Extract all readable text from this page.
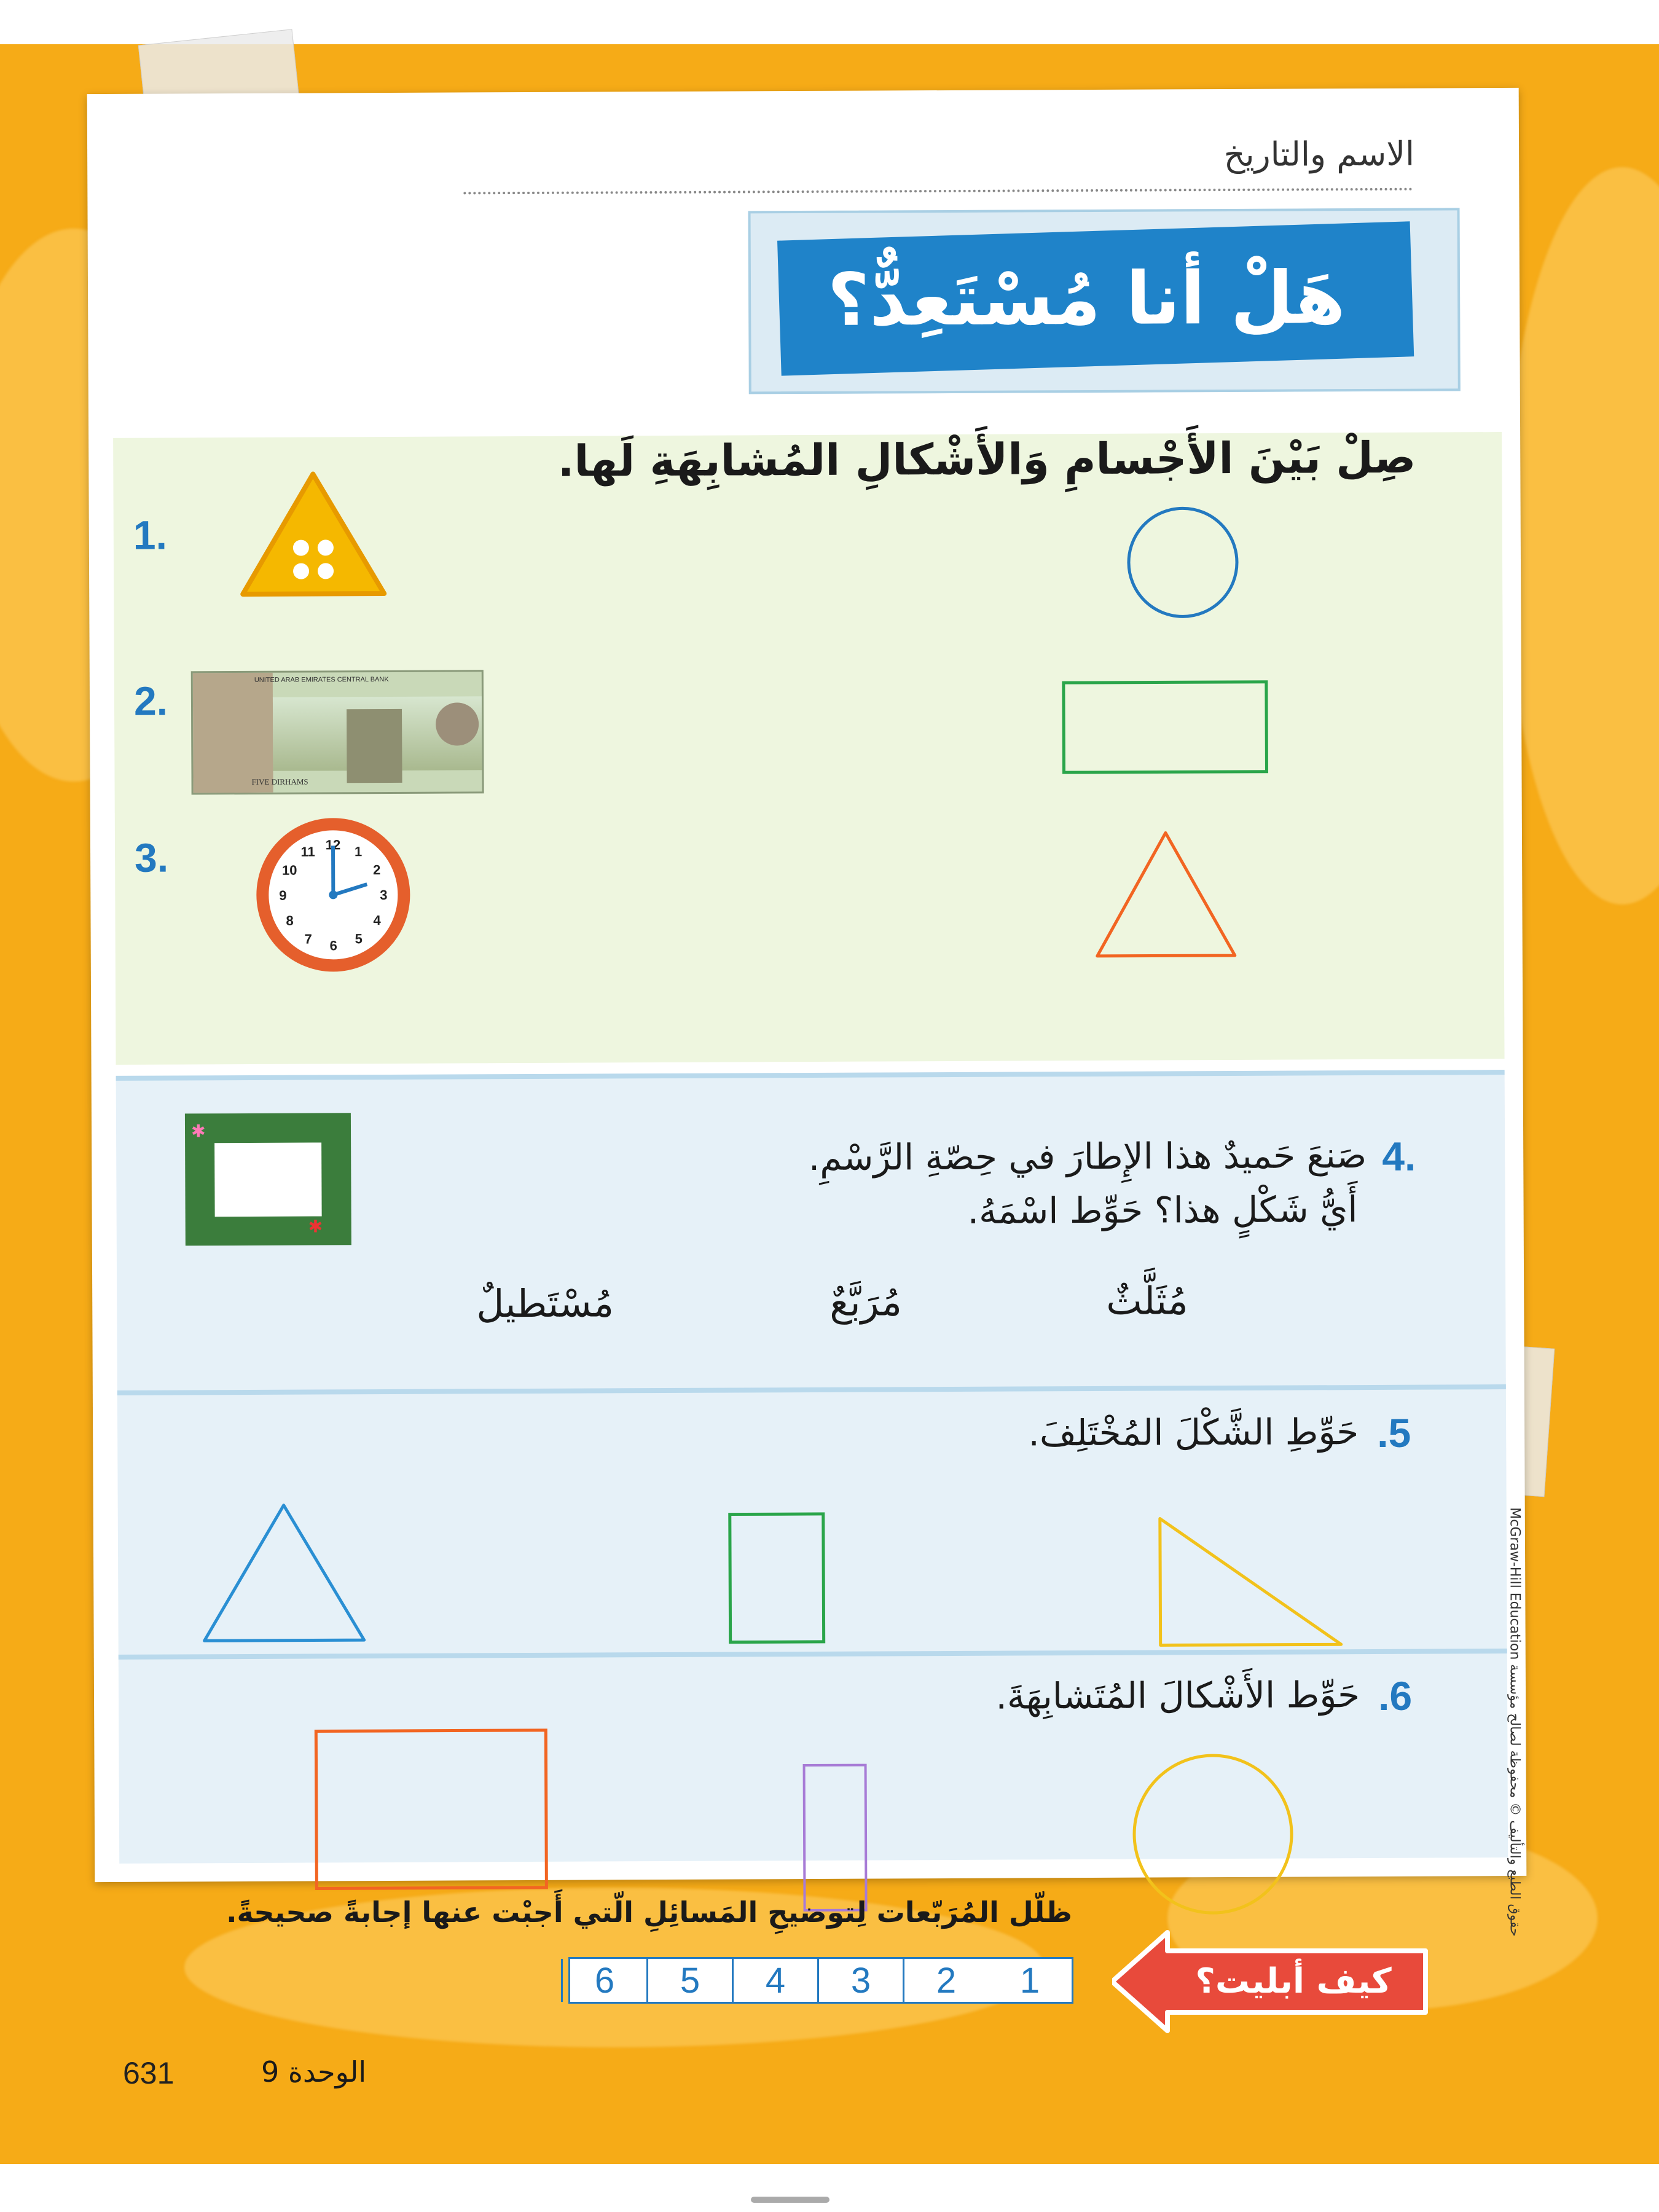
الاسم والتاريخ
هَلْ أنا مُسْتَعِدٌّ؟
صِلْ بَيْنَ الأَجْسامِ وَالأَشْكالِ المُشابِهَةِ لَها.
1.
2.
3.
UNITED ARAB EMIRATES CENTRAL BANK
FIVE DIRHAMS
12 1
2
3
4
5
6
7
8
9
10
11
✱
✱
4.
صَنعَ حَميدٌ هذا الإِطارَ في حِصّةِ الرَّسْمِ.
أَيُّ شَكْلٍ هذا؟ حَوِّط اسْمَهُ.
مُثَلَّثٌ
مُرَبَّعٌ
مُسْتَطيلٌ
.5
حَوِّطِ الشَّكْلَ المُخْتَلِفَ.
.6
حَوِّط الأَشْكالَ المُتَشابِهَةَ.
كيف أبليت؟
ظلّل المُرَبّعات لِتوضيحِ المَسائِلِ الّتي أَجبْت عنها إجابةً صحيحةً.
123456
631	الوحدة 9
حقوق الطبع والتأليف © محفوظة لصالح مؤسسة McGraw-Hill Education
